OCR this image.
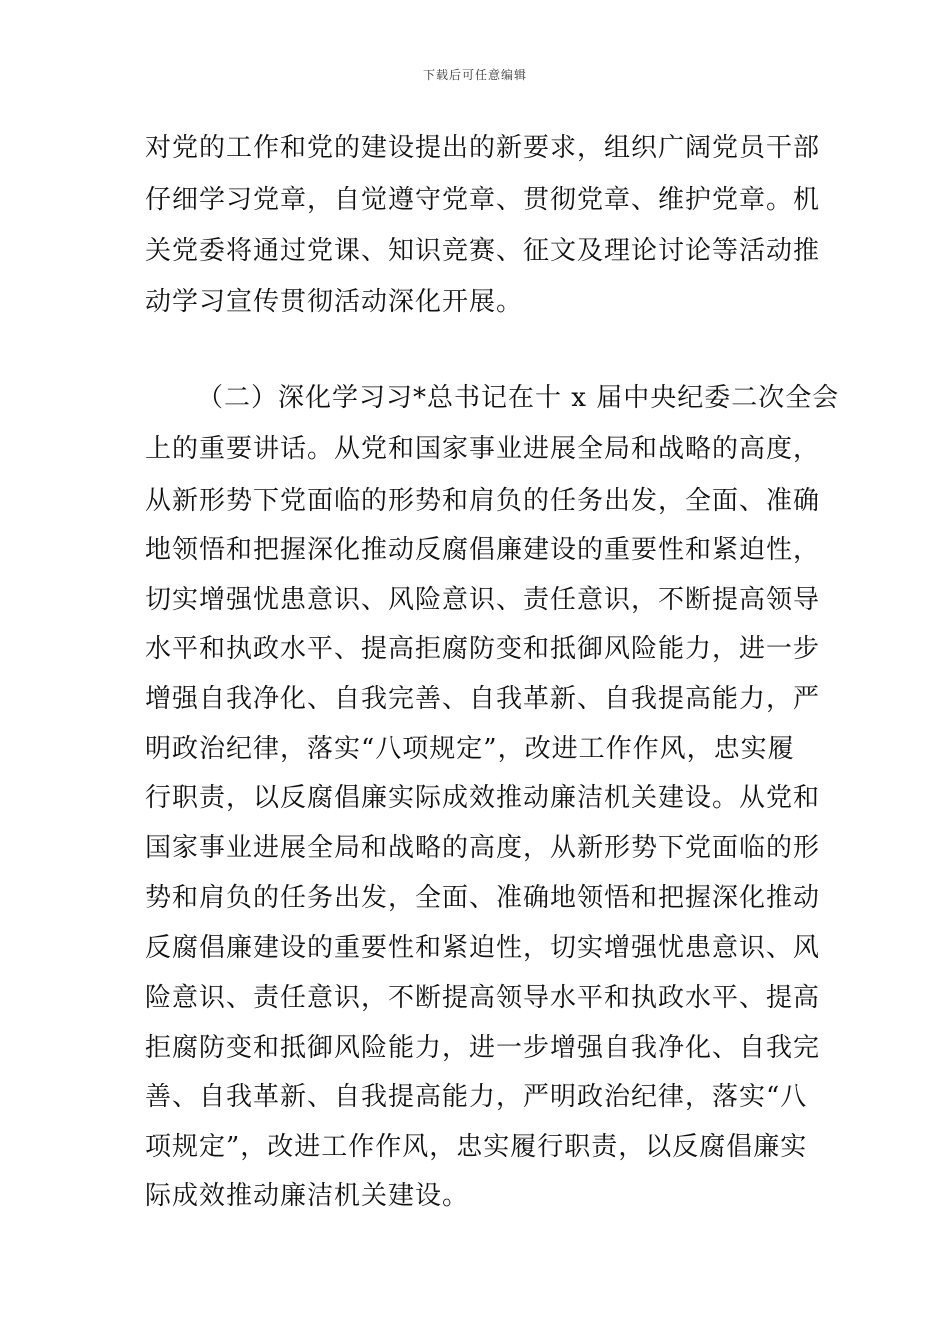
下载后可任意编辑
对党的工作和党的建设提出的新要求，组织广阔党员干部
仔细学习党章，自觉遵守党章、贯彻党章、维护党章。机
关党委将通过党课、知识竞赛、征文及理论讨论等活动推
动学习宣传贯彻活动深化开展。
（二）深化学习习*总书记在十 x 届中央纪委二次全会
上的重要讲话。从党和国家事业进展全局和战略的高度，
从新形势下党面临的形势和肩负的任务出发，全面、准确
地领悟和把握深化推动反腐倡廉建设的重要性和紧迫性，
切实增强忧患意识、风险意识、责任意识，不断提高领导
水平和执政水平、提高拒腐防变和抵御风险能力，进一步
增强自我净化、自我完善、自我革新、自我提高能力，严
明政治纪律，落实“八项规定”，改进工作作风，忠实履
行职责，以反腐倡廉实际成效推动廉洁机关建设。从党和
国家事业进展全局和战略的高度，从新形势下党面临的形
势和肩负的任务出发，全面、准确地领悟和把握深化推动
反腐倡廉建设的重要性和紧迫性，切实增强忧患意识、风
险意识、责任意识，不断提高领导水平和执政水平、提高
拒腐防变和抵御风险能力，进一步增强自我净化、自我完
善、自我革新、自我提高能力，严明政治纪律，落实“八
项规定”，改进工作作风，忠实履行职责，以反腐倡廉实
际成效推动廉洁机关建设。
